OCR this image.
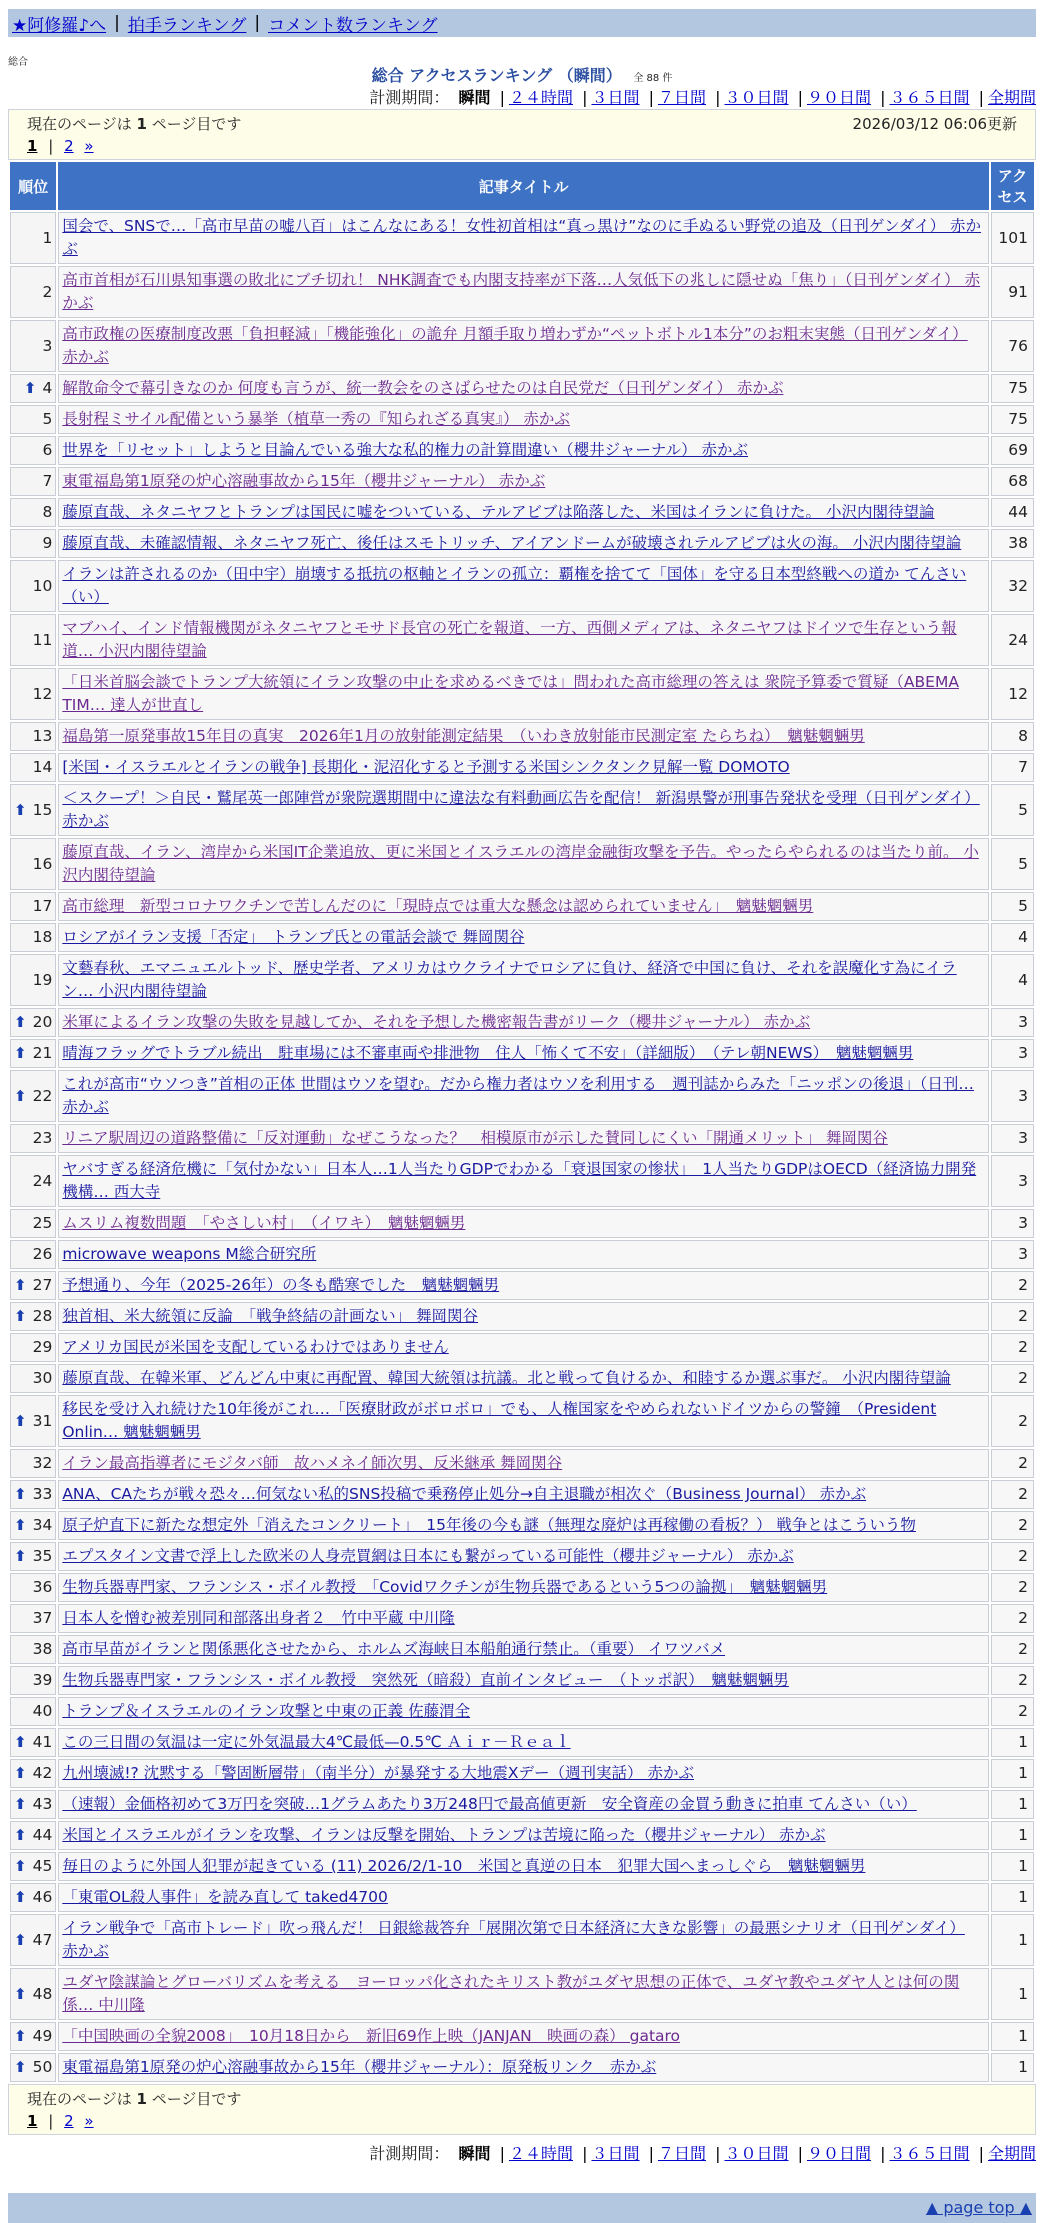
★阿修羅♪へ | 拍手ランキング | コメント数ランキング
総合
総合 アクセスランキング （瞬間） 全 88 件
計測期間： 瞬間 | ２４時間 | ３日間 | ７日間 | ３０日間 | ９０日間 | ３６５日間 | 全期間
現在のページは 1 ページ目です	2026/03/12 06:06更新
1 | 2 »
順位	記事タイトル	アクセス
1	国会で、SNSで…「高市早苗の嘘八百」はこんなにある！女性初首相は“真っ黒け”なのに手ぬるい野党の追及（日刊ゲンダイ） 赤かぶ	101
2	高市首相が石川県知事選の敗北にブチ切れ！ NHK調査でも内閣支持率が下落…人気低下の兆しに隠せぬ「焦り」（日刊ゲンダイ） 赤かぶ	91
3	高市政権の医療制度改悪「負担軽減」「機能強化」の詭弁 月額手取り増わずか“ペットボトル1本分”のお粗末実態（日刊ゲンダイ） 赤かぶ	76
⬆ 4	解散命令で幕引きなのか 何度も言うが、統一教会をのさばらせたのは自民党だ（日刊ゲンダイ） 赤かぶ	75
5	長射程ミサイル配備という暴挙（植草一秀の『知られざる真実』） 赤かぶ	75
6	世界を「リセット」しようと目論んでいる強大な私的権力の計算間違い（櫻井ジャーナル） 赤かぶ	69
7	東電福島第1原発の炉心溶融事故から15年（櫻井ジャーナル） 赤かぶ	68
8	藤原直哉、ネタニヤフとトランプは国民に嘘をついている、テルアビブは陥落した、米国はイランに負けた。 小沢内閣待望論	44
9	藤原直哉、未確認情報、ネタニヤフ死亡、後任はスモトリッチ、アイアンドームが破壊されテルアビブは火の海。 小沢内閣待望論	38
10	イランは許されるのか（田中宇）崩壊する抵抗の枢軸とイランの孤立：覇権を捨てて「国体」を守る日本型終戦への道か てんさい（い）	32
11	マブハイ、インド情報機関がネタニヤフとモサド長官の死亡を報道、一方、西側メディアは、ネタニヤフはドイツで生存という報道… 小沢内閣待望論	24
12	「日米首脳会談でトランプ大統領にイラン攻撃の中止を求めるべきでは」問われた高市総理の答えは 衆院予算委で質疑（ABEMA TIM… 達人が世直し	12
13	福島第一原発事故15年目の真実　2026年1月の放射能測定結果　（いわき放射能市民測定室 たらちね）　魑魅魍魎男	8
14	[米国・イスラエルとイランの戦争] 長期化・泥沼化すると予測する米国シンクタンク見解一覧 DOMOTO	7
⬆ 15	＜スクープ！＞自民・鷲尾英一郎陣営が衆院選期間中に違法な有料動画広告を配信！ 新潟県警が刑事告発状を受理（日刊ゲンダイ） 赤かぶ	5
16	藤原直哉、イラン、湾岸から米国IT企業追放、更に米国とイスラエルの湾岸金融街攻撃を予告。やったらやられるのは当たり前。 小沢内閣待望論	5
17	高市総理　新型コロナワクチンで苦しんだのに「現時点では重大な懸念は認められていません」　魑魅魍魎男	5
18	ロシアがイラン支援「否定」　トランプ氏との電話会談で 舞岡関谷	4
19	文藝春秋、エマニュエルトッド、歴史学者、アメリカはウクライナでロシアに負け、経済で中国に負け、それを誤魔化す為にイラン… 小沢内閣待望論	4
⬆ 20	米軍によるイラン攻撃の失敗を見越してか、それを予想した機密報告書がリーク（櫻井ジャーナル） 赤かぶ	3
⬆ 21	晴海フラッグでトラブル続出　駐車場には不審車両や排泄物　住人「怖くて不安」（詳細版）　（テレ朝NEWS）　魑魅魍魎男	3
⬆ 22	これが高市“ウソつき”首相の正体 世間はウソを望む。だから権力者はウソを利用する　週刊誌からみた「ニッポンの後退」（日刊… 赤かぶ	3
23	リニア駅周辺の道路整備に「反対運動」なぜこうなった？　相模原市が示した賛同しにくい「開通メリット」 舞岡関谷	3
24	ヤバすぎる経済危機に「気付かない」日本人…1人当たりGDPでわかる「衰退国家の惨状」　1人当たりGDPはOECD（経済協力開発機構… 西大寺	3
25	ムスリム複数問題　「やさしい村」　（イワキ）　魑魅魍魎男	3
26	microwave weapons M総合研究所	3
⬆ 27	予想通り、今年（2025-26年）の冬も酷寒でした　魑魅魍魎男	2
⬆ 28	独首相、米大統領に反論　「戦争終結の計画ない」 舞岡関谷	2
29	アメリカ国民が米国を支配しているわけではありません	2
30	藤原直哉、在韓米軍、どんどん中東に再配置、韓国大統領は抗議。北と戦って負けるか、和睦するか選ぶ事だ。 小沢内閣待望論	2
⬆ 31	移民を受け入れ続けた10年後がこれ…「医療財政がボロボロ」でも、人権国家をやめられないドイツからの警鐘　（President Onlin… 魑魅魍魎男	2
32	イラン最高指導者にモジタバ師　故ハメネイ師次男、反米継承 舞岡関谷	2
⬆ 33	ANA、CAたちが戦々恐々…何気ない私的SNS投稿で乗務停止処分→自主退職が相次ぐ（Business Journal） 赤かぶ	2
⬆ 34	原子炉直下に新たな想定外「消えたコンクリート」　15年後の今も謎（無理な廃炉は再稼働の看板？） 戦争とはこういう物	2
⬆ 35	エプスタイン文書で浮上した欧米の人身売買網は日本にも繋がっている可能性（櫻井ジャーナル） 赤かぶ	2
36	生物兵器専門家、フランシス・ボイル教授　「Covidワクチンが生物兵器であるという5つの論拠」　魑魅魍魎男	2
37	日本人を憎む被差別同和部落出身者２＿竹中平蔵 中川隆	2
38	高市早苗がイランと関係悪化させたから、ホルムズ海峡日本船舶通行禁止。（重要） イワツバメ	2
39	生物兵器専門家・フランシス・ボイル教授　突然死（暗殺）直前インタビュー　（トッポ訳）　魑魅魍魎男	2
40	トランプ＆イスラエルのイラン攻撃と中東の正義 佐藤渭全	2
⬆ 41	この三日間の気温は一定に外気温最大4℃最低—0.5℃ Ａｉｒ－Ｒｅａｌ	1
⬆ 42	九州壊滅!? 沈黙する「警固断層帯」（南半分）が暴発する大地震Xデー（週刊実話） 赤かぶ	1
⬆ 43	（速報）金価格初めて3万円を突破…1グラムあたり3万248円で最高値更新　安全資産の金買う動きに拍車 てんさい（い）	1
⬆ 44	米国とイスラエルがイランを攻撃、イランは反撃を開始、トランプは苦境に陥った（櫻井ジャーナル） 赤かぶ	1
⬆ 45	毎日のように外国人犯罪が起きている (11) 2026/2/1-10　米国と真逆の日本　犯罪大国へまっしぐら　魑魅魍魎男	1
⬆ 46	「東電OL殺人事件」を読み直して taked4700	1
⬆ 47	イラン戦争で「高市トレード」吹っ飛んだ！ 日銀総裁答弁「展開次第で日本経済に大きな影響」の最悪シナリオ（日刊ゲンダイ） 赤かぶ	1
⬆ 48	ユダヤ陰謀論とグローバリズムを考える＿ヨーロッパ化されたキリスト教がユダヤ思想の正体で、ユダヤ教やユダヤ人とは何の関係… 中川隆	1
⬆ 49	「中国映画の全貌2008」　10月18日から　新旧69作上映（JANJAN　映画の森） gataro	1
⬆ 50	東電福島第1原発の炉心溶融事故から15年（櫻井ジャーナル）：原発板リンク　赤かぶ	1
現在のページは 1 ページ目です
1 | 2 »
計測期間： 瞬間 | ２４時間 | ３日間 | ７日間 | ３０日間 | ９０日間 | ３６５日間 | 全期間
▲ page top ▲
